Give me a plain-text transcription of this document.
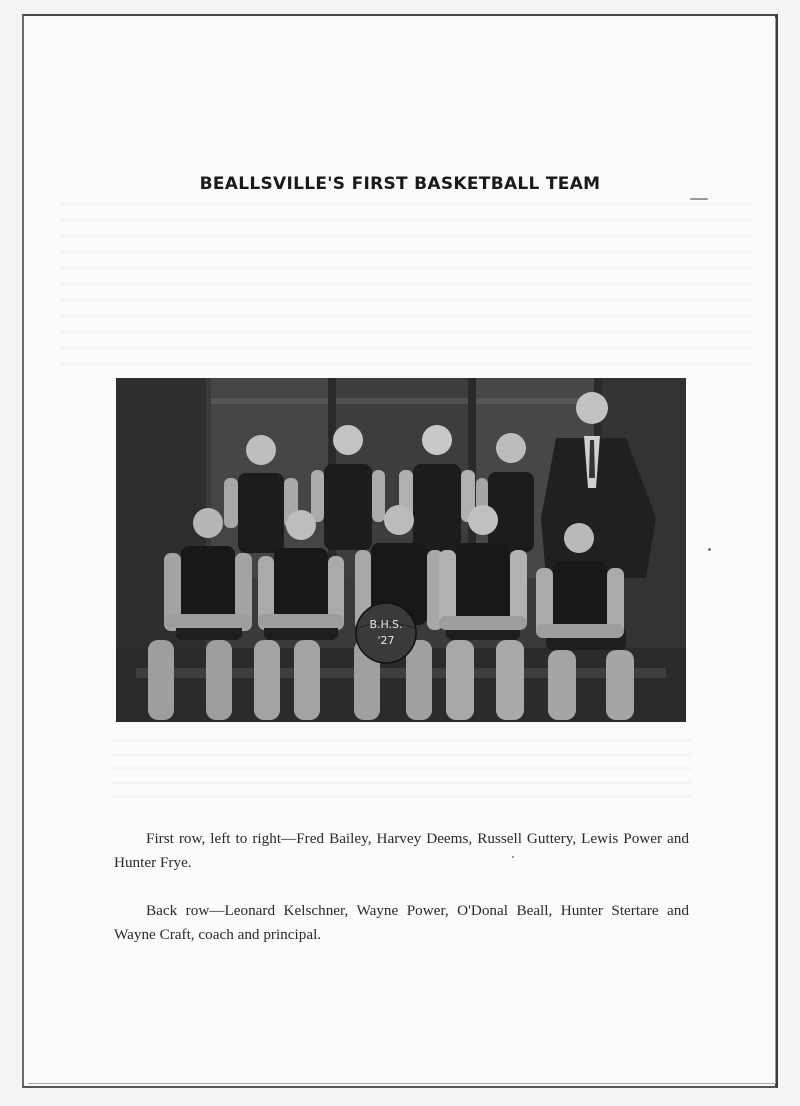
BEALLSVILLE'S FIRST BASKETBALL TEAM
B.H.S.
'27

First row, left to right—Fred Bailey, Harvey Deems, Russell Guttery, Lewis Power and Hunter Frye.

Back row—Leonard Kelschner, Wayne Power, O'Donal Beall, Hunter Stertare and Wayne Craft, coach and principal.
